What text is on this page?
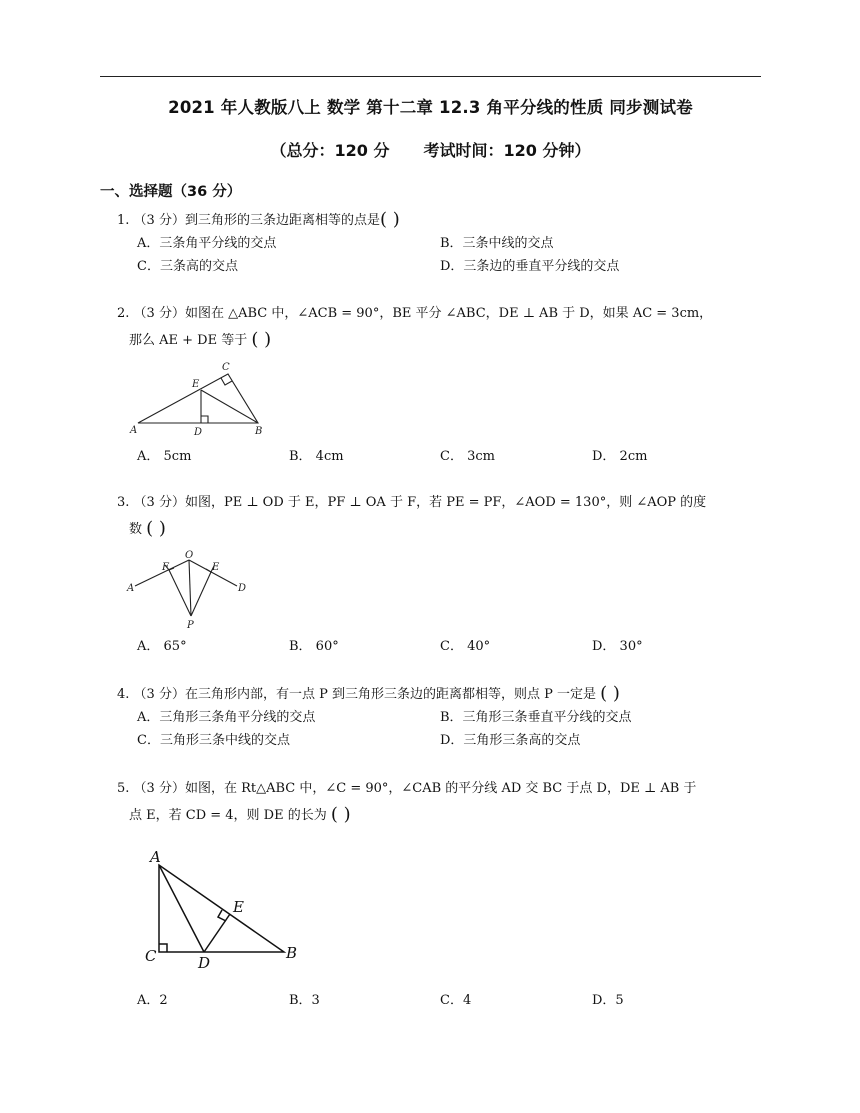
2021 年人教版八上 数学 第十二章 12.3 角平分线的性质 同步测试卷
（总分：120 分 考试时间：120 分钟）
一、选择题（36 分）
1. （3 分）到三角形的三条边距离相等的点是( )
A．三条角平分线的交点	B．三条中线的交点
C．三条高的交点	D．三条边的垂直平分线的交点
2. （3 分）如图在 △ABC 中，∠ACB = 90°，BE 平分 ∠ABC，DE ⊥ AB 于 D，如果 AC = 3cm，
那么 AE + DE 等于 ( )
A	B
C
D
E
A． 5cm	B． 4cm	C． 3cm	D． 2cm
3. （3 分）如图，PE ⊥ OD 于 E，PF ⊥ OA 于 F，若 PE = PF，∠AOD = 130°，则 ∠AOP 的度
数 ( )
A
F
O
E
D
P
A． 65°	B． 60°	C． 40°	D． 30°
4. （3 分）在三角形内部，有一点 P 到三角形三条边的距离都相等，则点 P 一定是 ( )
A．三角形三条角平分线的交点	B．三角形三条垂直平分线的交点
C．三角形三条中线的交点	D．三角形三条高的交点
5. （3 分）如图，在 Rt△ABC 中，∠C = 90°，∠CAB 的平分线 AD 交 BC 于点 D，DE ⊥ AB 于
点 E，若 CD = 4，则 DE 的长为 ( )
A
C	D
E
B
A．2	B．3	C．4	D．5
